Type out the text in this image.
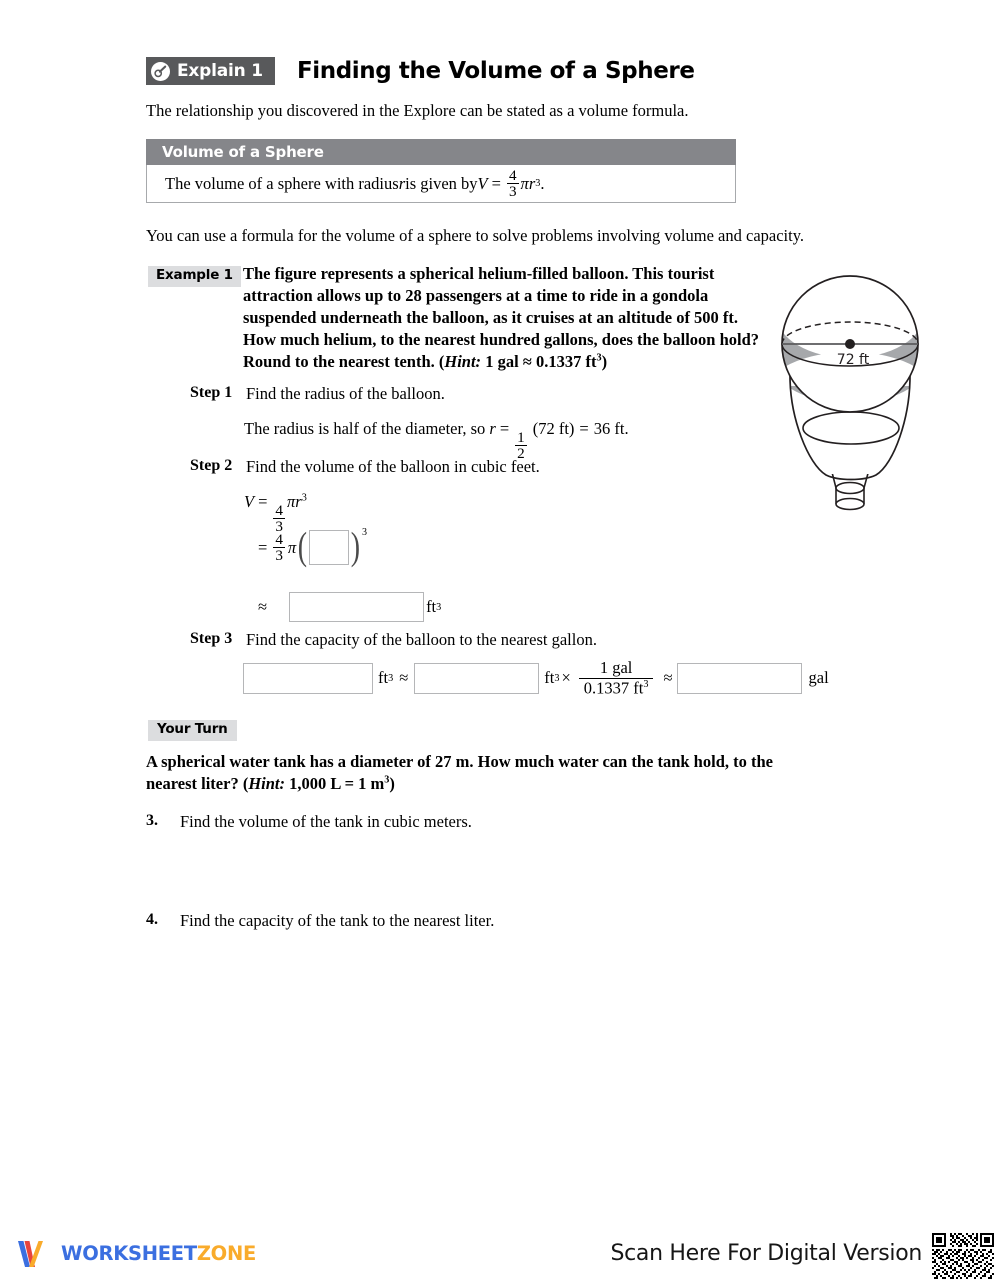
Explain 1 Finding the Volume of a Sphere
The relationship you discovered in the Explore can be stated as a volume formula.
Volume of a Sphere
The volume of a sphere with radius r is given by $V = \frac{4}{3}$ π r 3 .
You can use a formula for the volume of a sphere to solve problems involving volume and capacity.
Example 1 The figure represents a spherical helium-filled balloon. This tourist attraction allows up to 28 passengers at a time to ride in a gondola suspended underneath the balloon, as it cruises at an altitude of 500 ft. How much helium, to the nearest hundred gallons, does the balloon hold? Round to the nearest tenth. (Hint: 1 gal ≈ 0.1337 $ft^3$)	72 ft
Step 1 Find the radius of the balloon.
The radius is half of the diameter, so r =
$\frac{1}{2}$
(72 ft) = 36 ft.
Step 2 Find the volume of the balloon in cubic feet.
V =
$\frac{4}{3}$
$\pi r^3$
= $\frac{4}{3}$ π ( ) 3
≈	ft 3
Step 3 Find the capacity of the balloon to the nearest gallon.
ft 3 ≈	ft $3 \times \frac{\text{1 gal}}{0.1337 ft^3}$ ≈	gal
Your Turn
A spherical water tank has a diameter of 27 m. How much water can the tank hold, to the nearest liter? (Hint: 1,000 L = 1 $m^3$)
3. Find the volume of the tank in cubic meters.
4. Find the capacity of the tank to the nearest liter.
WORKSHEETZONE	Scan Here For Digital Version
